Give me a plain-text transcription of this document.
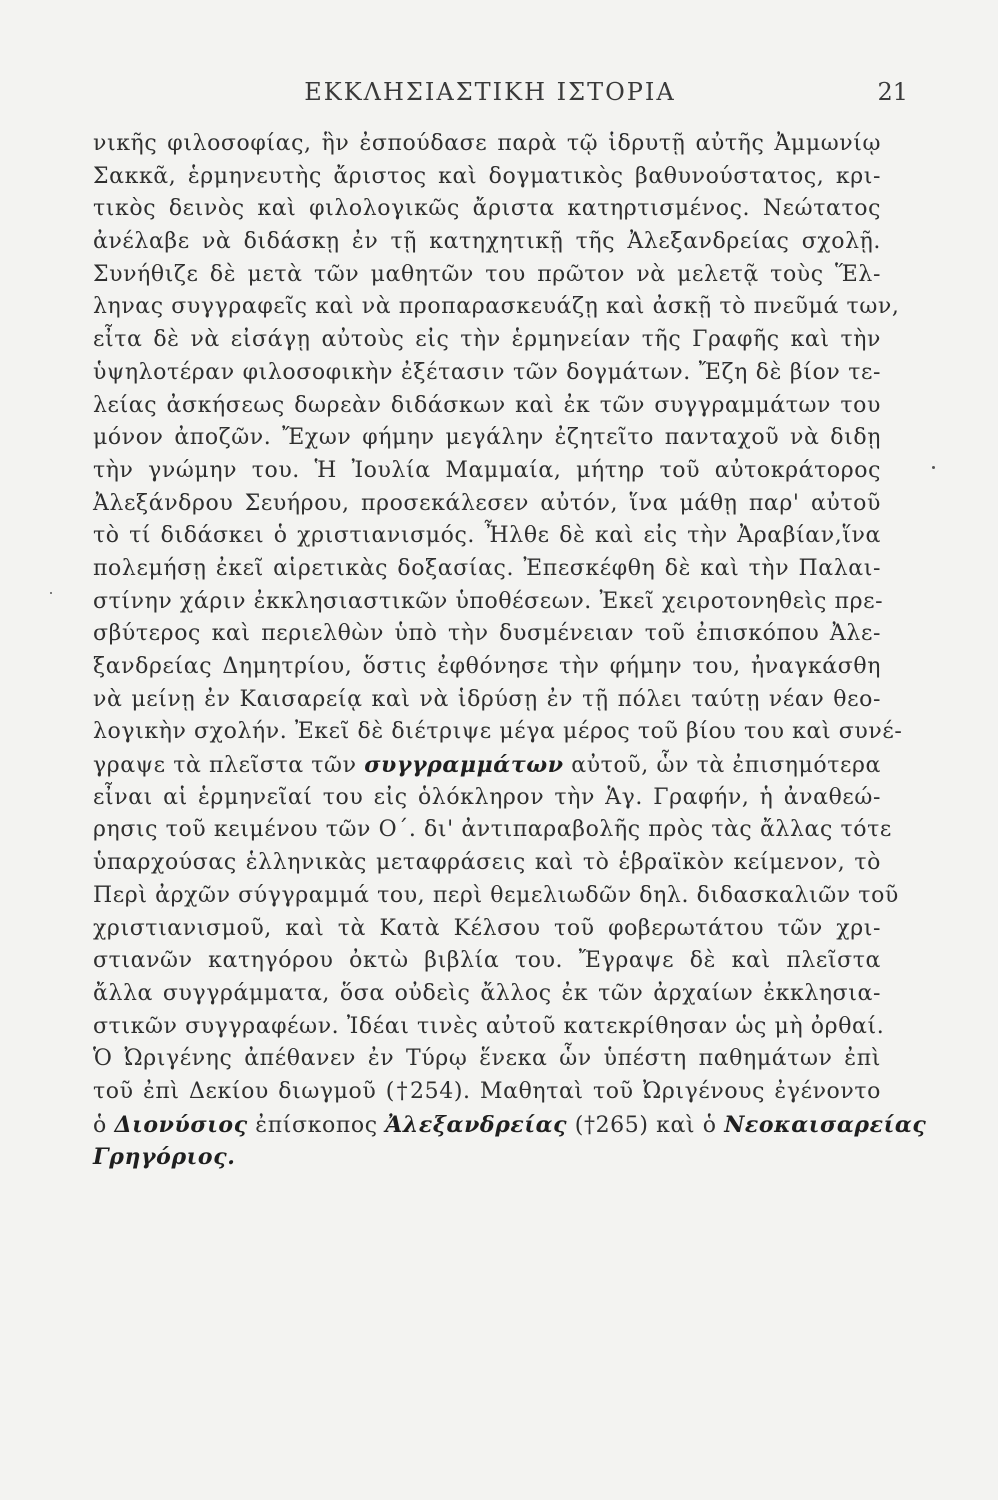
ΕΚΚΛΗΣΙΑΣΤΙΚΗ ΙΣΤΟΡΙΑ	21
νικῆς φιλοσοφίας, ἣν ἐσπούδασε παρὰ τῷ ἱδρυτῇ αὐτῆς Ἀμμωνίῳ
Σακκᾶ, ἑρμηνευτὴς ἄριστος καὶ δογματικὸς βαθυνούστατος, κρι-
τικὸς δεινὸς καὶ φιλολογικῶς ἄριστα κατηρτισμένος. Νεώτατος
ἀνέλαβε νὰ διδάσκῃ ἐν τῇ κατηχητικῇ τῆς Ἀλεξανδρείας σχολῇ.
Συνήθιζε δὲ μετὰ τῶν μαθητῶν του πρῶτον νὰ μελετᾷ τοὺς Ἕλ-
ληνας συγγραφεῖς καὶ νὰ προπαρασκευάζῃ καὶ ἀσκῇ τὸ πνεῦμά των,
εἶτα δὲ νὰ εἰσάγῃ αὐτοὺς εἰς τὴν ἑρμηνείαν τῆς Γραφῆς καὶ τὴν
ὑψηλοτέραν φιλοσοφικὴν ἐξέτασιν τῶν δογμάτων. Ἔζη δὲ βίον τε-
λείας ἀσκήσεως δωρεὰν διδάσκων καὶ ἐκ τῶν συγγραμμάτων του
μόνον ἀποζῶν. Ἔχων φήμην μεγάλην ἐζητεῖτο πανταχοῦ νὰ διδῃ
τὴν γνώμην του. Ἡ Ἰουλία Μαμμαία, μήτηρ τοῦ αὐτοκράτορος
Ἀλεξάνδρου Σευήρου, προσεκάλεσεν αὐτόν, ἵνα μάθῃ παρ' αὐτοῦ
τὸ τί διδάσκει ὁ χριστιανισμός. Ἦλθε δὲ καὶ εἰς τὴν Ἀραβίαν,ἵνα
πολεμήσῃ ἐκεῖ αἱρετικὰς δοξασίας. Ἐπεσκέφθη δὲ καὶ τὴν Παλαι-
στίνην χάριν ἐκκλησιαστικῶν ὑποθέσεων. Ἐκεῖ χειροτονηθεὶς πρε-
σβύτερος καὶ περιελθὼν ὑπὸ τὴν δυσμένειαν τοῦ ἐπισκόπου Ἀλε-
ξανδρείας Δημητρίου, ὅστις ἐφθόνησε τὴν φήμην του, ἠναγκάσθη
νὰ μείνῃ ἐν Καισαρείᾳ καὶ νὰ ἱδρύσῃ ἐν τῇ πόλει ταύτῃ νέαν θεο-
λογικὴν σχολήν. Ἐκεῖ δὲ διέτριψε μέγα μέρος τοῦ βίου του καὶ συνέ-
γραψε τὰ πλεῖστα τῶν συγγραμμάτων αὐτοῦ, ὧν τὰ ἐπισημότερα
εἶναι αἱ ἑρμηνεῖαί του εἰς ὁλόκληρον τὴν Ἁγ. Γραφήν, ἡ ἀναθεώ-
ρησις τοῦ κειμένου τῶν Ο΄. δι' ἀντιπαραβολῆς πρὸς τὰς ἄλλας τότε
ὑπαρχούσας ἑλληνικὰς μεταφράσεις καὶ τὸ ἑβραϊκὸν κείμενον, τὸ
Περὶ ἀρχῶν σύγγραμμά του, περὶ θεμελιωδῶν δηλ. διδασκαλιῶν τοῦ
χριστιανισμοῦ, καὶ τὰ Κατὰ Κέλσου τοῦ φοβερωτάτου τῶν χρι-
στιανῶν κατηγόρου ὀκτὼ βιβλία του. Ἔγραψε δὲ καὶ πλεῖστα
ἄλλα συγγράμματα, ὅσα οὐδεὶς ἄλλος ἐκ τῶν ἀρχαίων ἐκκλησια-
στικῶν συγγραφέων. Ἰδέαι τινὲς αὐτοῦ κατεκρίθησαν ὡς μὴ ὀρθαί.
Ὁ Ὠριγένης ἀπέθανεν ἐν Τύρῳ ἕνεκα ὧν ὑπέστη παθημάτων ἐπὶ
τοῦ ἐπὶ Δεκίου διωγμοῦ (†254). Μαθηταὶ τοῦ Ὠριγένους ἐγένοντο
ὁ Διονύσιος ἐπίσκοπος Ἀλεξανδρείας (†265) καὶ ὁ Νεοκαισαρείας
Γρηγόριος.
